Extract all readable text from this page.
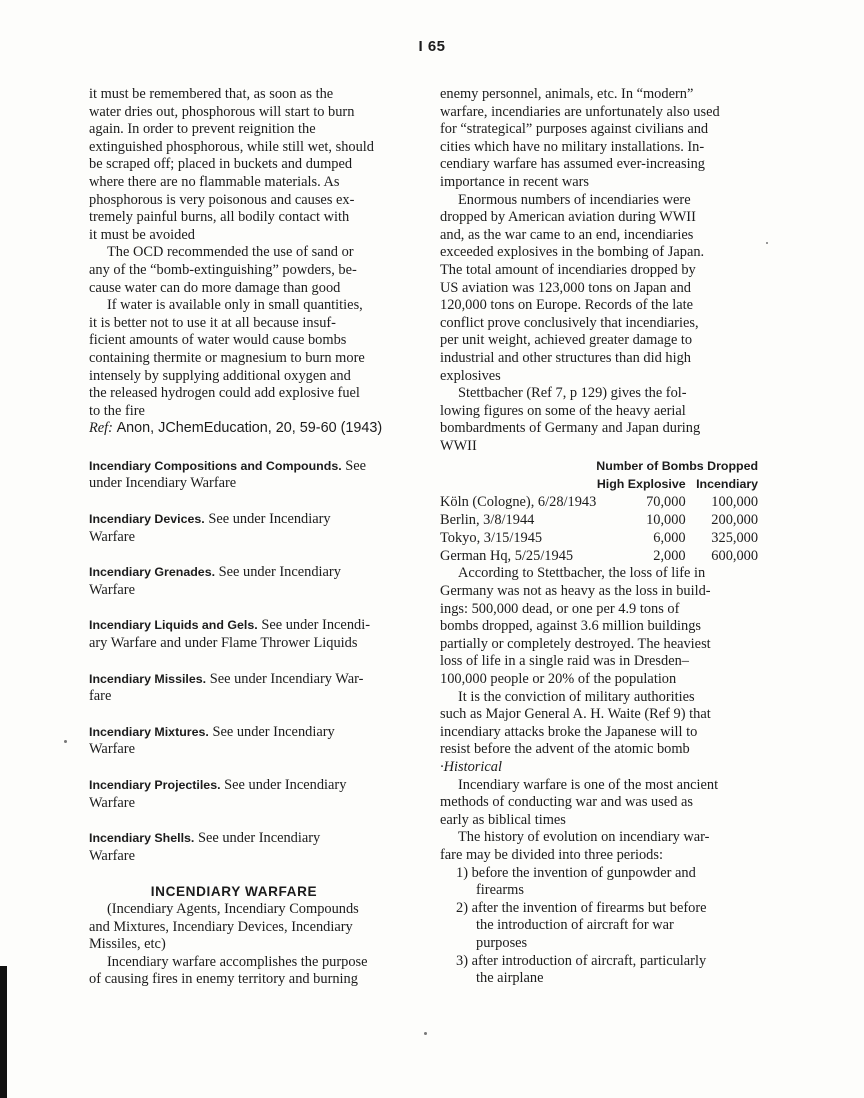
I 65
it must be remembered that, as soon as the
water dries out, phosphorous will start to burn
again. In order to prevent reignition the
extinguished phosphorous, while still wet, should
be scraped off; placed in buckets and dumped
where there are no flammable materials. As
phosphorous is very poisonous and causes ex-
tremely painful burns, all bodily contact with
it must be avoided
The OCD recommended the use of sand or
any of the “bomb-extinguishing” powders, be-
cause water can do more damage than good
If water is available only in small quantities,
it is better not to use it at all because insuf-
ficient amounts of water would cause bombs
containing thermite or magnesium to burn more
intensely by supplying additional oxygen and
the released hydrogen could add explosive fuel
to the fire
Ref: Anon, JChemEducation, 20, 59-60 (1943)
Incendiary Compositions and Compounds. See
under Incendiary Warfare
Incendiary Devices. See under Incendiary
Warfare
Incendiary Grenades. See under Incendiary
Warfare
Incendiary Liquids and Gels. See under Incendi-
ary Warfare and under Flame Thrower Liquids
Incendiary Missiles. See under Incendiary War-
fare
Incendiary Mixtures. See under Incendiary
Warfare
Incendiary Projectiles. See under Incendiary
Warfare
Incendiary Shells. See under Incendiary
Warfare
INCENDIARY WARFARE
(Incendiary Agents, Incendiary Compounds
and Mixtures, Incendiary Devices, Incendiary
Missiles, etc)
Incendiary warfare accomplishes the purpose
of causing fires in enemy territory and burning
enemy personnel, animals, etc. In “modern”
warfare, incendiaries are unfortunately also used
for “strategical” purposes against civilians and
cities which have no military installations. In-
cendiary warfare has assumed ever-increasing
importance in recent wars
Enormous numbers of incendiaries were
dropped by American aviation during WWII
and, as the war came to an end, incendiaries
exceeded explosives in the bombing of Japan.
The total amount of incendiaries dropped by
US aviation was 123,000 tons on Japan and
120,000 tons on Europe. Records of the late
conflict prove conclusively that incendiaries,
per unit weight, achieved greater damage to
industrial and other structures than did high
explosives
Stettbacher (Ref 7, p 129) gives the fol-
lowing figures on some of the heavy aerial
bombardments of Germany and Japan during
WWII
	Number of Bombs Dropped	
	High Explosive	Incendiary
Köln (Cologne), 6/28/1943	70,000	100,000
Berlin, 3/8/1944	10,000	200,000
Tokyo, 3/15/1945	6,000	325,000
German Hq, 5/25/1945	2,000	600,000
According to Stettbacher, the loss of life in
Germany was not as heavy as the loss in build-
ings: 500,000 dead, or one per 4.9 tons of
bombs dropped, against 3.6 million buildings
partially or completely destroyed. The heaviest
loss of life in a single raid was in Dresden–
100,000 people or 20% of the population
It is the conviction of military authorities
such as Major General A. H. Waite (Ref 9) that
incendiary attacks broke the Japanese will to
resist before the advent of the atomic bomb
·Historical
Incendiary warfare is one of the most ancient
methods of conducting war and was used as
early as biblical times
The history of evolution on incendiary war-
fare may be divided into three periods:
1) before the invention of gunpowder and
firearms
2) after the invention of firearms but before
the introduction of aircraft for war
purposes
3) after introduction of aircraft, particularly
the airplane
